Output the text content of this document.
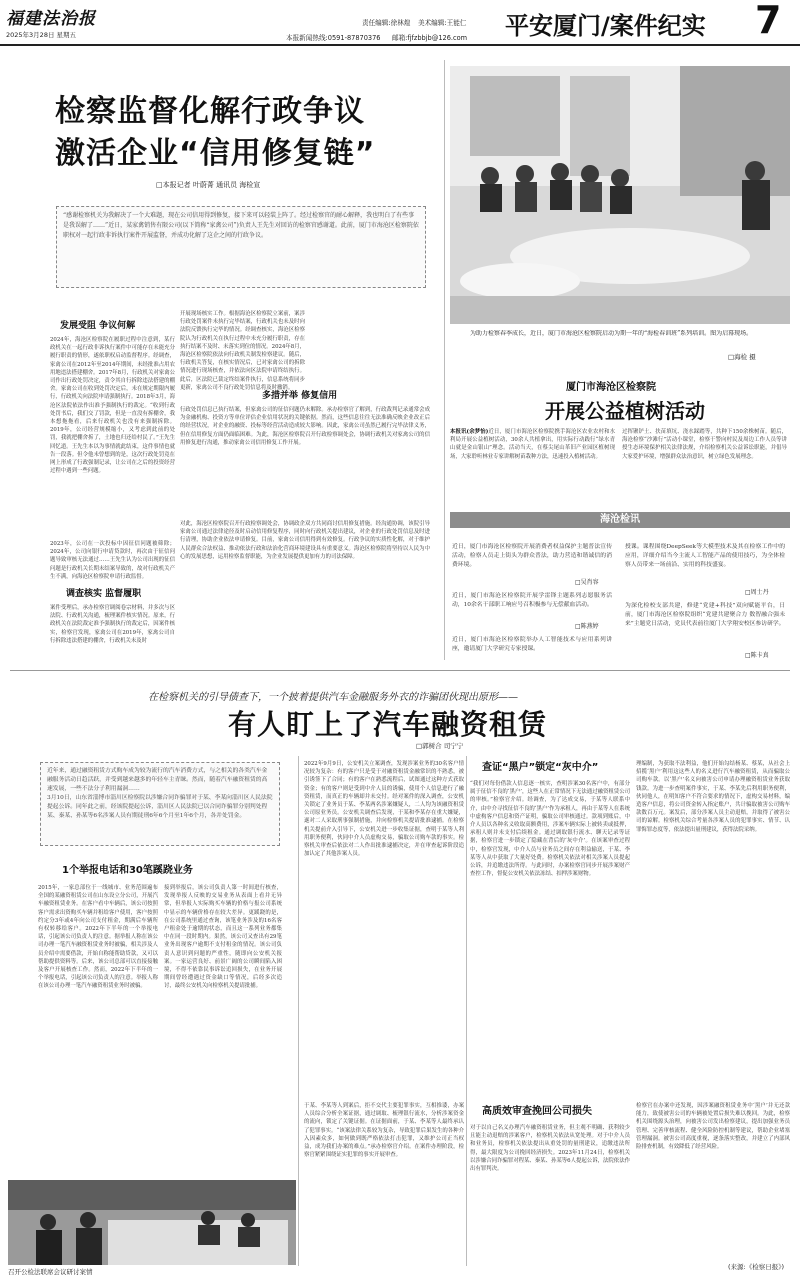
福建法治报
2025年3月28日 星期五
责任编辑:徐林煌 美术编辑:王能仁
本报新闻热线:0591-87870376 邮箱:fjfzbbjb@126.com 平安厦门/案件纪实 7
检察监督化解行政争议
激活企业“信用修复链”
□本报记者 叶蔚菁 通讯员 海检宣
“感谢检察机关为我解决了一个大难题，现在公司信用得到修复，接下来可以轻装上阵了。经过检察官的耐心解释，我也明白了有些事是我误解了……”近日，某家禽销售有限公司(以下简称“家禽公司”)负责人王先生对回访的检察官感谢道。此前，厦门市海沧区检察院依职权对一起行政非诉执行案件开展监督，并成功化解了这企之间的行政争议。
发展受阻 争议何解
2024年，海沧区检察院在履职过程中注意到，某行政机关在一起行政非诉执行案件中可能存在未能充分履行职责的情形，遂依职权启动监督程序。经调查，家禽公司在2012年至2014年期间，未经批准占用农用地违法搭建棚舍。2017年8月，行政机关对家禽公司作出行政处罚决定，责令其自行拆除违法搭建的棚舍。家禽公司在收到处罚决定后，未在规定期限内履行，行政机关向法院申请强制执行。2018年3月，海沧区法院依法作出准予强制执行的裁定。“收到行政处罚书后，我们交了罚款，但是一直没有拆棚舍，我本想拖拖看，后来行政机关也没有来强制拆除。2019年，公司经营规模缩小，又考虑到此前的处罚，我就把棚舍拆了，土地也归还给村民了。”王先生回忆道。王先生本以为事情就此结束，这件事情也就告一段落。但令他未曾想到的是，这次行政处罚竟在网上形成了行政强制记录，让公司在之后的投资经营过程中遇到一些问题。
2023年，公司在一次投标中因征信问题被筛除；2024年，公司向银行申请贷款时，再次由于征信问题导致审核无法通过……王先生认为公司出现的征信问题是行政机关长期未结案导致的，故对行政机关产生不满，向海沧区检察院申请行政监督。
调查核实 监督履职
案件受理后，承办检察官调阅卷宗材料，并多次与区法院、行政机关沟通，梳理案件核实情况。原来，行政机关在法院裁定准予强制执行的裁定后，因案件核实，检察官发现，家禽公司在2019年，家禽公司自行拆除违法搭建的棚舍，行政机关未及时
开展现场核实工作。根据海沧区检察院立案前，案涉行政处罚案件未执行完毕结案，行政机关也未及时向法院反馈执行完毕的情况。经调查核实，海沧区检察院认为行政机关在执行过程中未充分履行职责，存在执行结案不及时、未落实到位的情况。2024年8月，海沧区检察院依法向行政机关制发检察建议。随后，行政机关答复，在核实情况后，已对家禽公司的拆除情况进行现场核查，并依法向区法院申请终结执行。此后，区法院已裁定终结案件执行，信息系统将同步更新，家禽公司不良行政处罚信息将及时撤销。
多措并举 修复信用
行政处罚信息已执行结案，但家禽公司的征信问题仍未解除。承办检察官了解到，行政裁判记录通常会成为金融机构、投资方等单位评估企业信用状况的关键依据。然而，这些信息往往无法准确反映企业改正后的经营状况，对企业的融资、投标等经营活动造成较大影响。因此，家禽公司虽然已履行完毕法律义务，但在信用修复方面仍面临困难。为此，海沧区检察院召开行政检察调处会，协调行政机关对家禽公司的信用修复进行沟通，推动家禽公司信用修复工作开展。
对此，海沧区检察院召开行政检察调处会，协调政企双方共同商讨信用修复措施。经沟通协调，该院引导家禽公司通过法律途径及时启动信用修复程序，同时向行政机关提出建议，对企业的行政处罚信息及时进行清理，协助企业依法申请修复。目前，家禽公司信用得到有效修复。行政争议的实质性化解，对于维护人民群众合法权益、推动依法行政和法治化营商环境建设具有重要意义。海沧区检察院将坚持以人民为中心的发展思想，运用检察监督职能，为企业发展提供更加有力的司法保障。
为助力检察春季成长，近日，厦门市海沧区检察院启动为期一年的“海检春训班”系列培训。图为启幕现场。
□海检 摄
厦门市海沧区检察院
开展公益植树活动
本报讯(余梦怡)近日，厦门市海沧区检察院携手海沧区农业农村和水利局开展公益植树活动，30余人共植拿出，用实际行动践行“绿水青山就是金山银山”理念。活动当天，在蔡尖尾山革旧产业园区植树现场，大家聆听林业专家讲解树苗栽种方法，迅速投入植树活动。
过挥锹铲土、扶苗填坑、浇水踩踏等，共种下150余株树苗。随后，海沧检察“沙滩行”活动小课堂，检察干警向村民及周边工作人员等讲授生态环境保护相关法律法规，介绍检察机关公益诉讼职能，并倡导大家爱护环境，增强群众法治意识，树立绿色发展理念。
海沧检讯
近日，厦门市海沧区检察院开展消费者权益保护主题普法宣传活动，检察人员走上街头为群众普法，助力营造和谐诚信的消费环境。
□吴肖容
近日，厦门市海沧区检察院开展学雷锋主题系列志愿服务活动，10余名干部职工响应号召积极参与无偿献血活动。
□陈燕婷
近日，厦门市海沧区检察院举办人工智能技术与应用系列讲座，邀请厦门大学研究专家授课。
授课。课程围绕DeepSeek等大模型技术及其在检察工作中的应用，详细介绍当今主流人工智能产品的使用技巧，为全体检察人员带来一场前沿、实用的科技盛宴。
□周士丹
为深化检校支部共建，修建“党建+科技”双向赋能平台，日前，厦门市海沧区检察院组织“党建共建聚合力 数智融合强未来”主题党日活动，党员代表前往厦门大学翔安校区参访研学。
□陈卡真
在检察机关的引导债查下，一个披着提供汽车金融服务外衣的诈骗团伙现出原形——
有人盯上了汽车融资租赁
□郭树合 司宁宁
近年来，通过融资租赁方式购车成为较为流行的汽车消费方式，与之相关的各类汽车金融服务活动日趋活跃，并受到越来越多的年轻车主青睐。然而，随着汽车融资租赁的高速发展，一些不法分子利用漏洞……
3月10日，山东省淄博市淄川区检察院以涉嫌合同诈骗罪对于某、李某向淄川区人民法院提起公诉。同年此之前，经该院提起公诉，淄川区人民法院已以合同诈骗罪分别判处程某、秦某、孙某等6名涉案人员有期徒刑6年6个月至1年6个月，各并处罚金。
1个举报电话和30笔蹊跷业务
2015年，一家总部位于一线城市、业务范围遍布全国的某融资租赁公司在山东设立分公司，开展汽车融资租赁业务。在客户看中车辆后，该公司按照客户需求出资购买车辆并租给客户使用，客户按照约定分3年或4年向公司支付租金，期满后车辆所有权转移给客户。2022年下半年的一个举报电话，引起该公司负责人的注意。据举报人称在该公司办理一笔汽车融资租赁业务时被骗，相关涉及人员介绍中需要借款，开始自称能帮助贷款，又可以帮助提供资料等。后来，该公司总部可以直接接触及客户开展核查工作。然而，2022年下半年的一个举报电话，引起该公司负责人的注意。举报人称在该公司办理一笔汽车融资租赁业务时被骗。
接到举报后，该公司负责人第一时间进行核查，发现举报人反映的交易业务从表面上看并无异常，但举报人实际购买车辆的价格与报公司系统中显示的车辆价格存在较大差异。更蹊跷的是，在公司系统里通过查询，该笔业务涉及的16名客户租金处于逾期的状态，而且这一系列业务都集中在同一段时期内。果然，该公司又查出有29笔业务出现客户逾期不支付租金的情况。该公司负责人意识到问题的严重性，随即向公安机关报案。一家运营良好、前景广阔的公司瞬间陷入困境，不得不依靠民事诉讼追回损失，在业务开展期间曾经遭遇过资金缺口等情况，后经多次追讨，最终公安机关向检察机关提请批捕。
召开公检法联席会议研讨案情
2022年9月9日，公安机关立案调查，发现涉案业务的30名客户情况较为复杂：有的客户只是受于对融资租赁金融常识的不熟悉，被引诱签下了合同；有的客户在熟悉流程后，试图通过这种方式获取资金；有的客户则是受到中介人员的诱骗，使用个人信息进行了融资租赁，而真正的车辆却并未交付。经对案件的深入调查，公安机关锁定了业务员于某、李某两名涉案嫌疑人，二人均为该融资租赁公司原业务员。公安机关调查后发现，于某和李某存在重大嫌疑，遂对二人采取刑事强制措施，并向检察机关提请批准逮捕。在检察机关提前介入引导下，公安机关进一步收集证据，查明于某等人利用职务便利，伙同中介人员虚构交易，骗取公司购车款的事实。检察机关审查后依法对二人作出批准逮捕决定，并在审查起诉阶段追加认定了其他涉案人员。
于某、李某等人到案后，拒不交代主要犯罪事实，互相推诿，办案人员综合分析全案证据，通过调取、梳理银行流水，分析涉案资金的流向，锁定了关键证据。在证据面前，于某、李某等人最终承认了犯罪事实。“该案法律关系较为复杂，导致犯罪后果发生的各种介入因素众多，如何做到既严格依法打击犯罪，又维护公司正当权益，成为我们办案的难点。”承办检察官介绍。在案件办理阶段，检察官紧紧围绕证实犯罪的事实开展审查。
查证“黑户”锁定“灰中介”
“我们对每份借款人信息逐一核实，查明涉案30名客户中，有部分属于征信不良的‘黑户’，这些人在正常情况下无法通过融资租赁公司的审核。”检察官介绍。经调查，为了达成交易，于某等人联系中介，由中介寻找征信不良的‘黑户’作为承租人，再由于某等人在系统中虚构客户信息和资产证明，骗取公司审核通过。款项到账后，中介人员以各种名义收取高额费用，涉案车辆实际上被转卖或抵押，承租人则并未支付后续租金。通过调取银行流水、聊天记录等证据，检察官进一步锁定了隐藏在背后的‘灰中介’。在该案审查过程中，检察官发现，中介人员与业务员之间存在利益输送，于某、李某等人从中获取了大量好处费。检察机关依法对相关涉案人员提起公诉，并追缴违法所得。与此同时，办案检察官同步开展涉案财产查控工作，督促公安机关依法冻结、扣押涉案财物。
高质效审查挽回公司损失
对于以自己名义办理汽车融资租赁业务，但主观不明确、获利较少且能主动退赔的涉案客户，检察机关依法从宽处理。对于中介人员和业务员，检察机关依法提出从重处罚的量刑建议，追缴违法所得，最大限度为公司挽回经济损失。2023年11月24日，检察机关以涉嫌合同诈骗罪对程某、秦某、孙某等6人提起公诉，法院依法作出有罪判决。
理编制，为获取不法利益，他们开始勾结杨某、蔡某，从社会上招揽‘黑户’利用这这些人的名义进行汽车融资租赁，从而骗取公司购车款。以‘黑户’名义向被害公司申请办理融资租赁业务获取钱款。为进一步查明案件事实，于某、李某先后利用职务便利，伙同他人，在明知客户不符合要求的情况下，虚构交易材料，编造客户信息，将公司资金转入指定账户，共计骗取被害公司购车款数百万元。案发后，部分涉案人员主动退赔，并取得了被害公司的谅解。检察机关综合考量各涉案人员的犯罪事实、情节、认罪悔罪态度等，依法提出量刑建议，获得法院采纳。
检察官在办案中还发现，因涉案融资租赁业务中‘黑户’并无还款能力，致使被害公司的车辆被处置后损失难以挽回。为此，检察机关围绕源头治理，向被害公司发出检察建议，提出加强业务员管理、完善审核流程、健全风险防控机制等建议，帮助企业堵塞管理漏洞。被害公司高度重视，逐条落实整改，并建立了内部风险排查机制，有效降低了经营风险。
(来源:《检察日报》)
